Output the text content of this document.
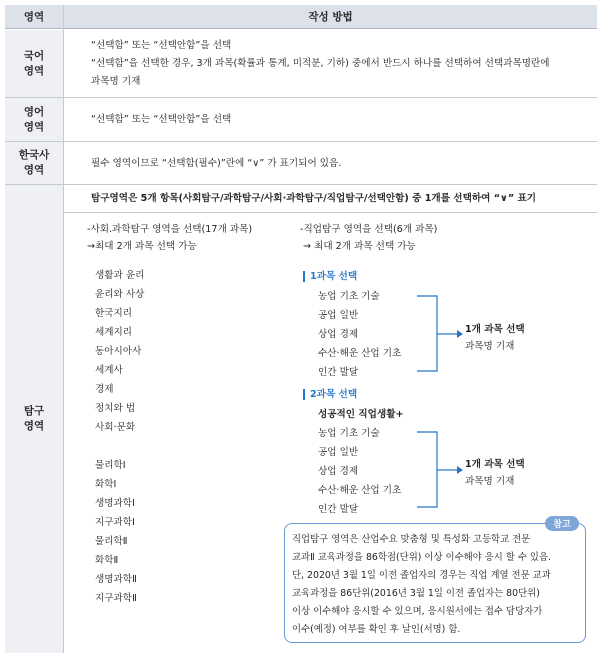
영역	작성 방법
국어
영역
“선택함” 또는 “선택안함”을 선택
“선택함”을 선택한 경우, 3개 과목(확률과 통계, 미적분, 기하) 중에서 반드시 하나를 선택하여 선택과목명란에
과목명 기재
영어
영역
“선택함” 또는 “선택안함”을 선택
한국사
영역
필수 영역이므로 “선택함(필수)”란에 “∨” 가 표기되어 있음.
탐구
영역
탐구영역은 5개 항목(사회탐구/과학탐구/사회·과학탐구/직업탐구/선택안함) 중 1개를 선택하여 “∨” 표기
-사회.과학탐구 영역을 선택(17개 과목)
→최대 2개 과목 선택 가능
생활과 윤리
윤리와 사상
한국지리
세계지리
동아시아사
세계사
경제
정치와 법
사회·문화
물리학Ⅰ
화학Ⅰ
생명과학Ⅰ
지구과학Ⅰ
물리학Ⅱ
화학Ⅱ
생명과학Ⅱ
지구과학Ⅱ
-직업탐구 영역을 선택(6개 과목)
→ 최대 2개 과목 선택 가능
1과목 선택
농업 기초 기술
공업 일반
상업 경제
수산·해운 산업 기초
인간 발달
1개 과목 선택
과목명 기재
2과목 선택
성공적인 직업생활+
농업 기초 기술
공업 일반
상업 경제
수산·해운 산업 기초
인간 발달
1개 과목 선택
과목명 기재
참고
직업탐구 영역은 산업수요 맞춤형 및 특성화 고등학교 전문
교과Ⅱ 교육과정을 86학점(단위) 이상 이수해야 응시 할 수 있음.
단, 2020년 3월 1일 이전 졸업자의 경우는 직업 계열 전문 교과
교육과정을 86단위(2016년 3월 1일 이전 졸업자는 80단위)
이상 이수해야 응시할 수 있으며, 응시원서에는 접수 담당자가
이수(예정) 여부를 확인 후 날인(서명) 함.
